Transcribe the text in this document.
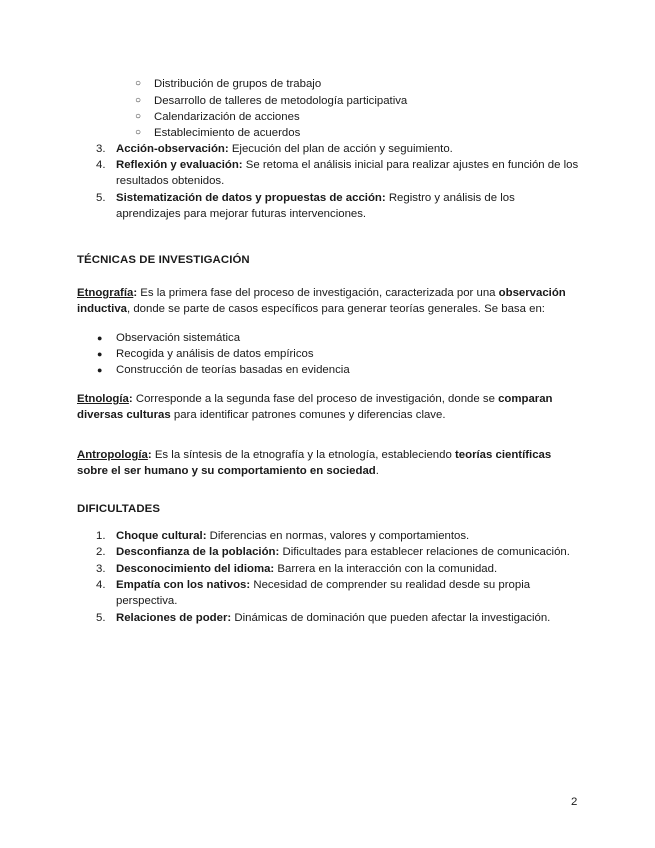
○ Distribución de grupos de trabajo
○ Desarrollo de talleres de metodología participativa
○ Calendarización de acciones
○ Establecimiento de acuerdos
3. Acción-observación: Ejecución del plan de acción y seguimiento.
4. Reflexión y evaluación: Se retoma el análisis inicial para realizar ajustes en función de los resultados obtenidos.
5. Sistematización de datos y propuestas de acción: Registro y análisis de los aprendizajes para mejorar futuras intervenciones.
TÉCNICAS DE INVESTIGACIÓN
Etnografía: Es la primera fase del proceso de investigación, caracterizada por una observación inductiva, donde se parte de casos específicos para generar teorías generales. Se basa en:
● Observación sistemática
● Recogida y análisis de datos empíricos
● Construcción de teorías basadas en evidencia
Etnología: Corresponde a la segunda fase del proceso de investigación, donde se comparan diversas culturas para identificar patrones comunes y diferencias clave.
Antropología: Es la síntesis de la etnografía y la etnología, estableciendo teorías científicas sobre el ser humano y su comportamiento en sociedad.
DIFICULTADES
1. Choque cultural: Diferencias en normas, valores y comportamientos.
2. Desconfianza de la población: Dificultades para establecer relaciones de comunicación.
3. Desconocimiento del idioma: Barrera en la interacción con la comunidad.
4. Empatía con los nativos: Necesidad de comprender su realidad desde su propia perspectiva.
5. Relaciones de poder: Dinámicas de dominación que pueden afectar la investigación.
2
